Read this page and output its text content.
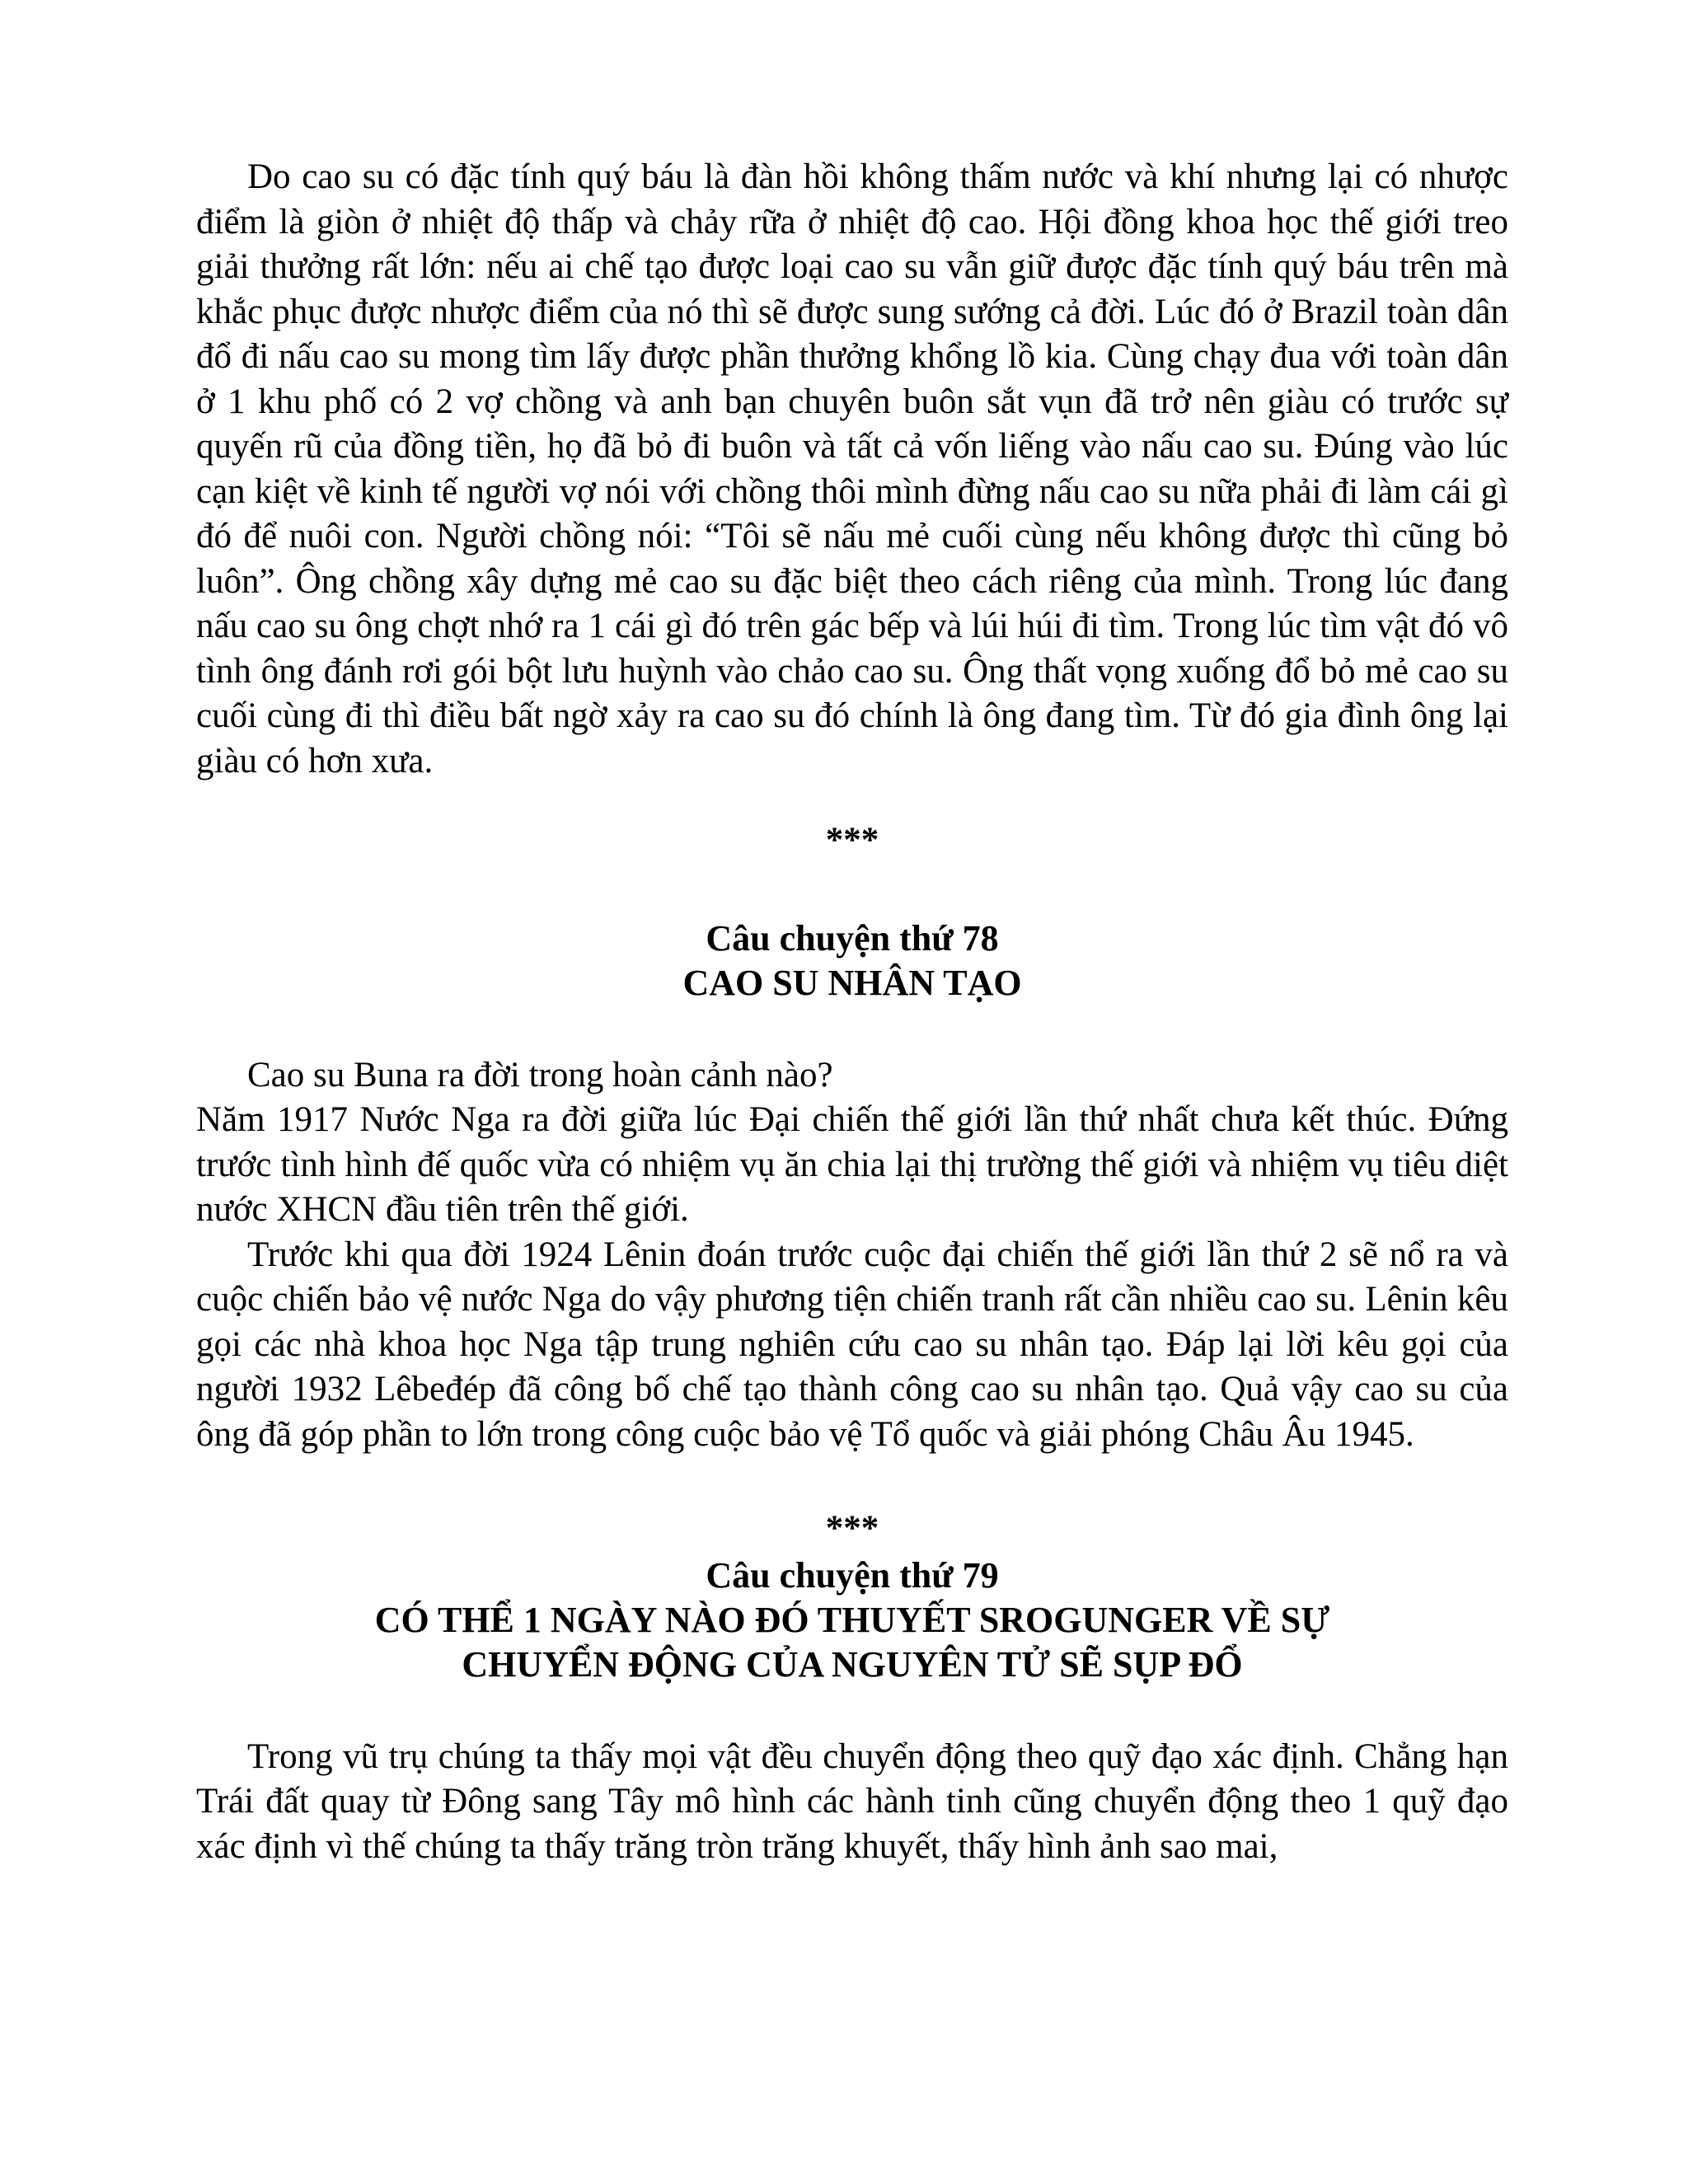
Do cao su có đặc tính quý báu là đàn hồi không thấm nước và khí nhưng lại có nhược điểm là giòn ở nhiệt độ thấp và chảy rữa ở nhiệt độ cao. Hội đồng khoa học thế giới treo giải thưởng rất lớn: nếu ai chế tạo được loại cao su vẫn giữ được đặc tính quý báu trên mà khắc phục được nhược điểm của nó thì sẽ được sung sướng cả đời. Lúc đó ở Brazil toàn dân đổ đi nấu cao su mong tìm lấy được phần thưởng khổng lồ kia. Cùng chạy đua với toàn dân ở 1 khu phố có 2 vợ chồng và anh bạn chuyên buôn sắt vụn đã trở nên giàu có trước sự quyến rũ của đồng tiền, họ đã bỏ đi buôn và tất cả vốn liếng vào nấu cao su. Đúng vào lúc cạn kiệt về kinh tế người vợ nói với chồng thôi mình đừng nấu cao su nữa phải đi làm cái gì đó để nuôi con. Người chồng nói: “Tôi sẽ nấu mẻ cuối cùng nếu không được thì cũng bỏ luôn”. Ông chồng xây dựng mẻ cao su đặc biệt theo cách riêng của mình. Trong lúc đang nấu cao su ông chợt nhớ ra 1 cái gì đó trên gác bếp và lúi húi đi tìm. Trong lúc tìm vật đó vô tình ông đánh rơi gói bột lưu huỳnh vào chảo cao su. Ông thất vọng xuống đổ bỏ mẻ cao su cuối cùng đi thì điều bất ngờ xảy ra cao su đó chính là ông đang tìm. Từ đó gia đình ông lại giàu có hơn xưa.

***

Câu chuyện thứ 78

CAO SU NHÂN TẠO

Cao su Buna ra đời trong hoàn cảnh nào?

Năm 1917 Nước Nga ra đời giữa lúc Đại chiến thế giới lần thứ nhất chưa kết thúc. Đứng trước tình hình đế quốc vừa có nhiệm vụ ăn chia lại thị trường thế giới và nhiệm vụ tiêu diệt nước XHCN đầu tiên trên thế giới.

Trước khi qua đời 1924 Lênin đoán trước cuộc đại chiến thế giới lần thứ 2 sẽ nổ ra và cuộc chiến bảo vệ nước Nga do vậy phương tiện chiến tranh rất cần nhiều cao su. Lênin kêu gọi các nhà khoa học Nga tập trung nghiên cứu cao su nhân tạo. Đáp lại lời kêu gọi của người 1932 Lêbeđép đã công bố chế tạo thành công cao su nhân tạo. Quả vậy cao su của ông đã góp phần to lớn trong công cuộc bảo vệ Tổ quốc và giải phóng Châu Âu 1945.

***

Câu chuyện thứ 79

CÓ THỂ 1 NGÀY NÀO ĐÓ THUYẾT SROGUNGER VỀ SỰ

CHUYỂN ĐỘNG CỦA NGUYÊN TỬ SẼ SỤP ĐỔ

Trong vũ trụ chúng ta thấy mọi vật đều chuyển động theo quỹ đạo xác định. Chẳng hạn Trái đất quay từ Đông sang Tây mô hình các hành tinh cũng chuyển động theo 1 quỹ đạo xác định vì thế chúng ta thấy trăng tròn trăng khuyết, thấy hình ảnh sao mai,
